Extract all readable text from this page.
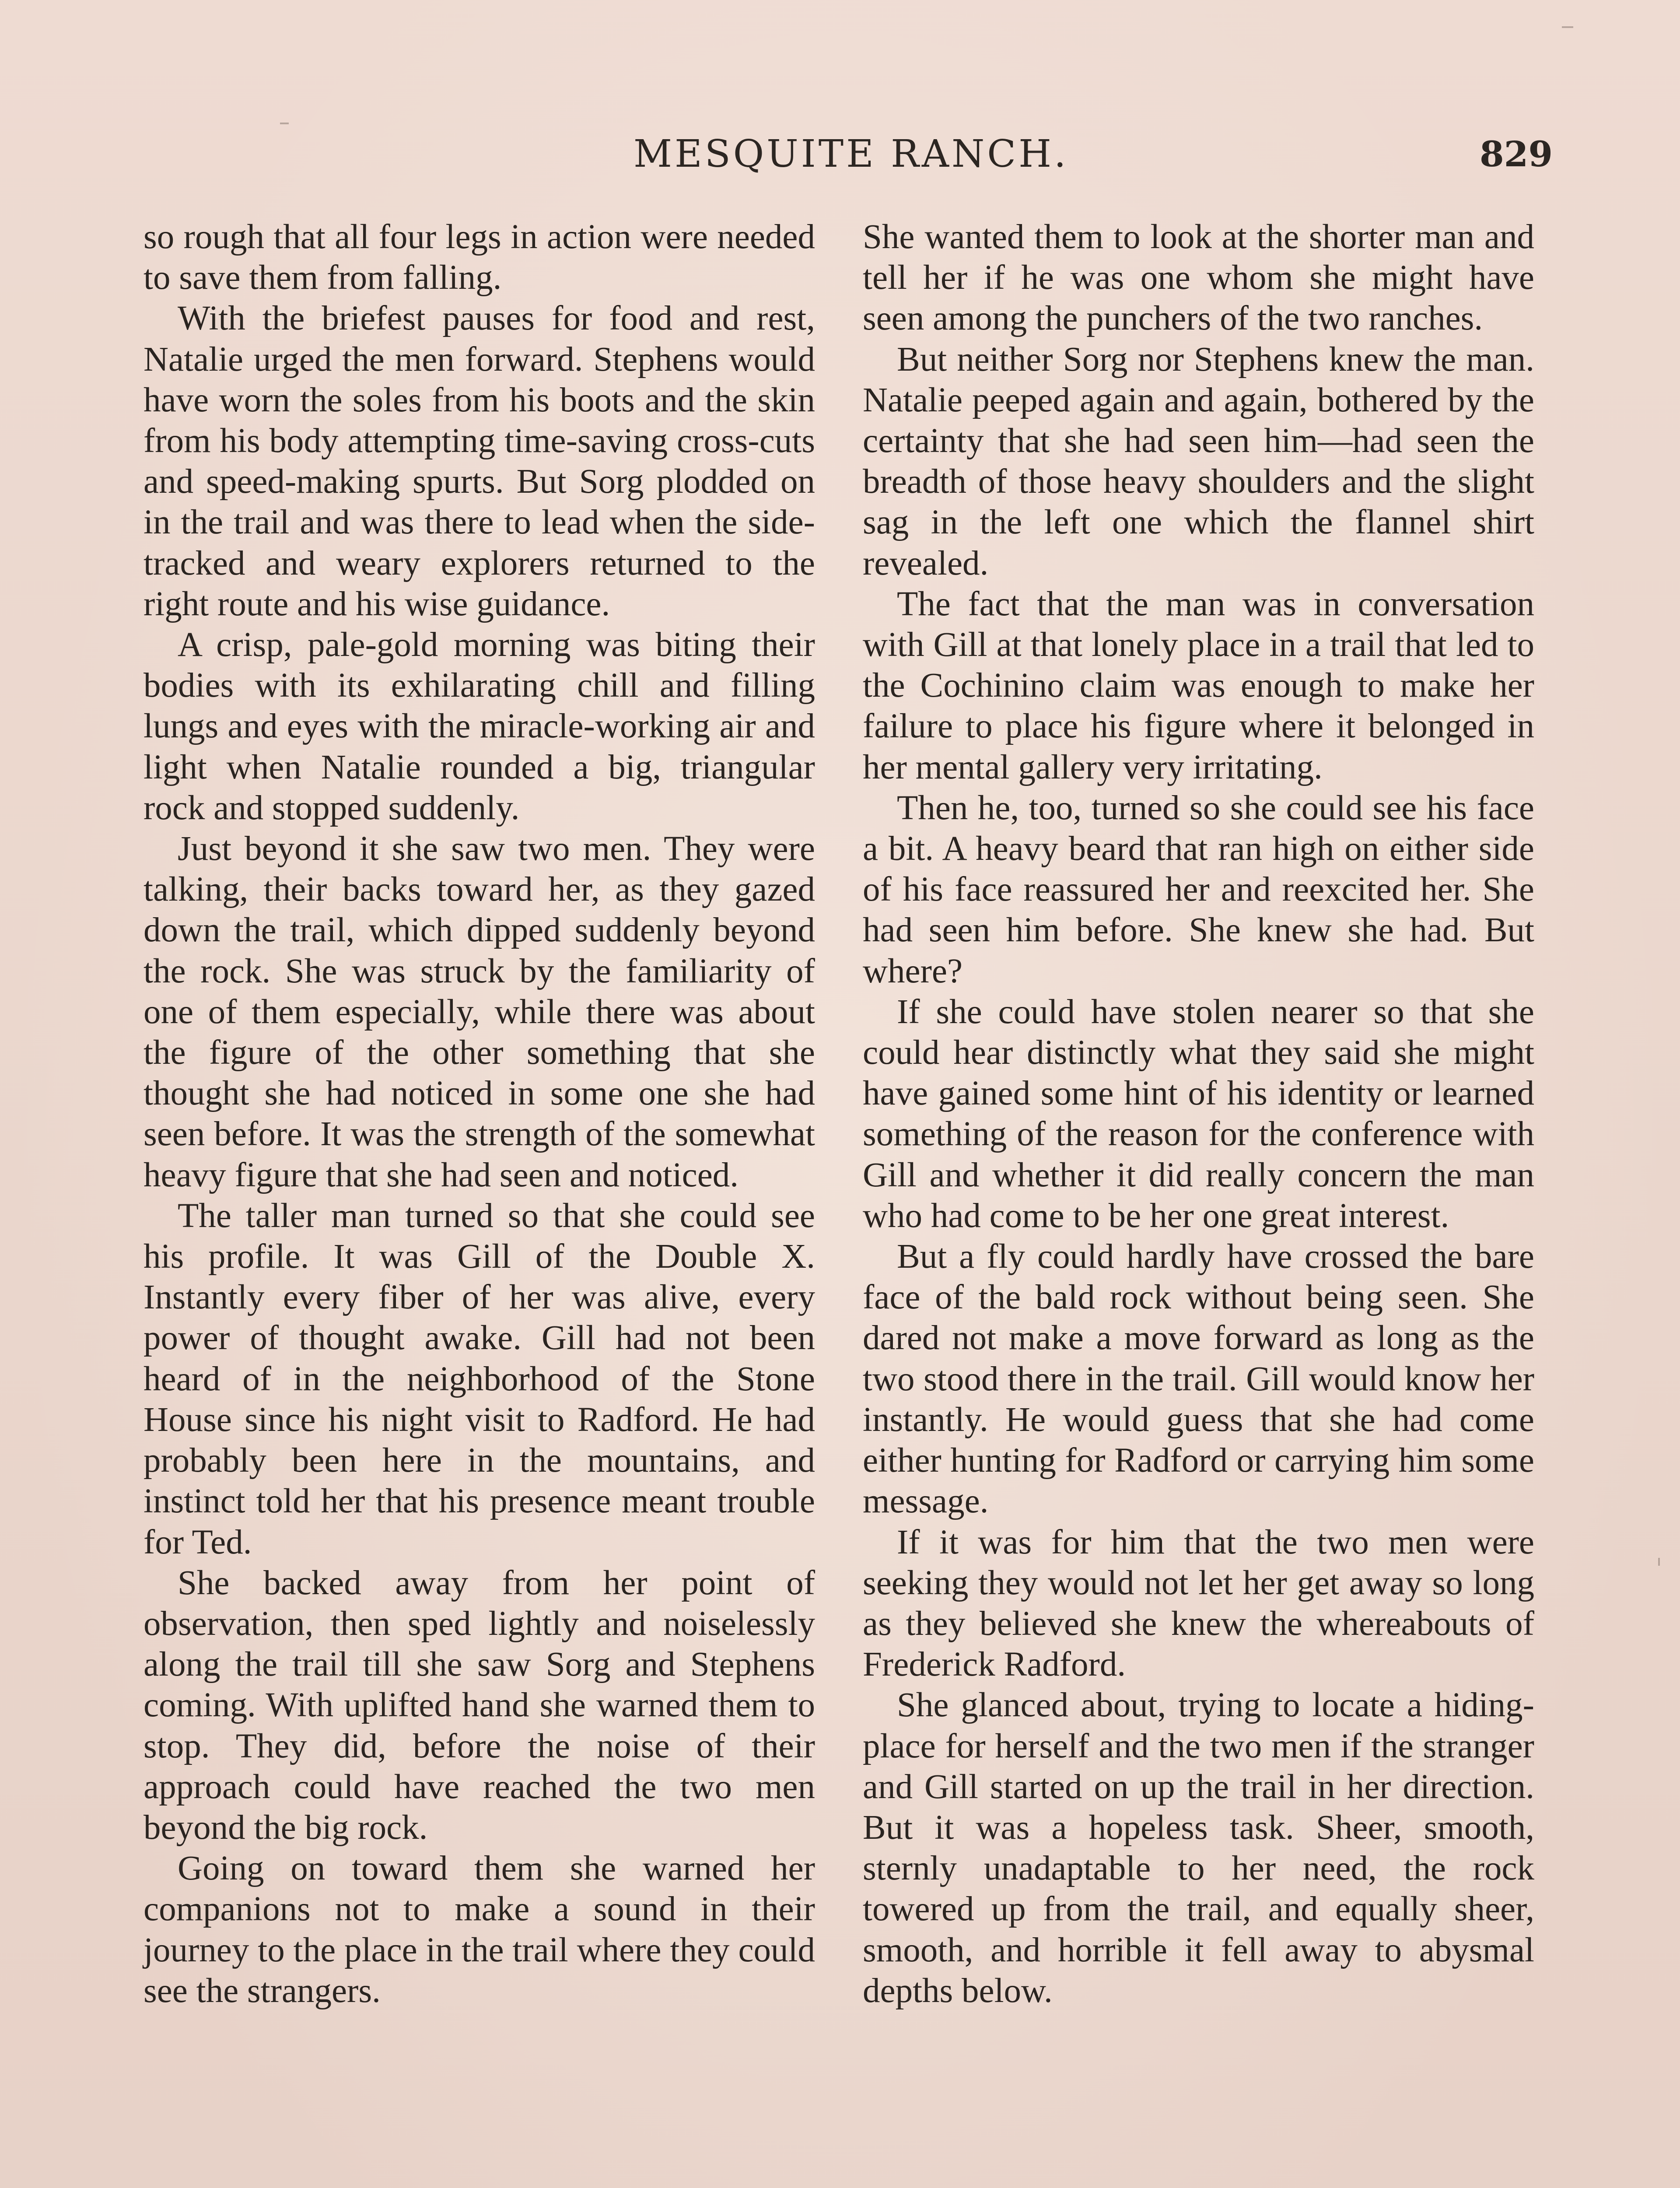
MESQUITE RANCH.	829

so rough that all four legs in action were needed to save them from falling.

With the briefest pauses for food and rest, Natalie urged the men forward. Stephens would have worn the soles from his boots and the skin from his body attempting time-saving cross-cuts and speed-making spurts. But Sorg plodded on in the trail and was there to lead when the side-tracked and weary explorers returned to the right route and his wise guidance.

A crisp, pale-gold morning was biting their bodies with its exhilarating chill and filling lungs and eyes with the miracle-working air and light when Natalie rounded a big, triangular rock and stopped suddenly.

Just beyond it she saw two men. They were talking, their backs toward her, as they gazed down the trail, which dipped suddenly beyond the rock. She was struck by the familiarity of one of them especially, while there was about the figure of the other something that she thought she had noticed in some one she had seen before. It was the strength of the somewhat heavy figure that she had seen and noticed.

The taller man turned so that she could see his profile. It was Gill of the Double X. Instantly every fiber of her was alive, every power of thought awake. Gill had not been heard of in the neighborhood of the Stone House since his night visit to Radford. He had probably been here in the mountains, and instinct told her that his presence meant trouble for Ted.

She backed away from her point of observation, then sped lightly and noiselessly along the trail till she saw Sorg and Stephens coming. With uplifted hand she warned them to stop. They did, before the noise of their approach could have reached the two men beyond the big rock.

Going on toward them she warned her companions not to make a sound in their journey to the place in the trail where they could see the strangers.

She wanted them to look at the shorter man and tell her if he was one whom she might have seen among the punchers of the two ranches.

But neither Sorg nor Stephens knew the man. Natalie peeped again and again, bothered by the certainty that she had seen him—had seen the breadth of those heavy shoulders and the slight sag in the left one which the flannel shirt revealed.

The fact that the man was in conversation with Gill at that lonely place in a trail that led to the Cochinino claim was enough to make her failure to place his figure where it belonged in her mental gallery very irritating.

Then he, too, turned so she could see his face a bit. A heavy beard that ran high on either side of his face reassured her and reexcited her. She had seen him before. She knew she had. But where?

If she could have stolen nearer so that she could hear distinctly what they said she might have gained some hint of his identity or learned something of the reason for the conference with Gill and whether it did really concern the man who had come to be her one great interest.

But a fly could hardly have crossed the bare face of the bald rock without being seen. She dared not make a move forward as long as the two stood there in the trail. Gill would know her instantly. He would guess that she had come either hunting for Radford or carrying him some message.

If it was for him that the two men were seeking they would not let her get away so long as they believed she knew the whereabouts of Frederick Radford.

She glanced about, trying to locate a hiding-place for herself and the two men if the stranger and Gill started on up the trail in her direction. But it was a hopeless task. Sheer, smooth, sternly unadaptable to her need, the rock towered up from the trail, and equally sheer, smooth, and horrible it fell away to abysmal depths below.
